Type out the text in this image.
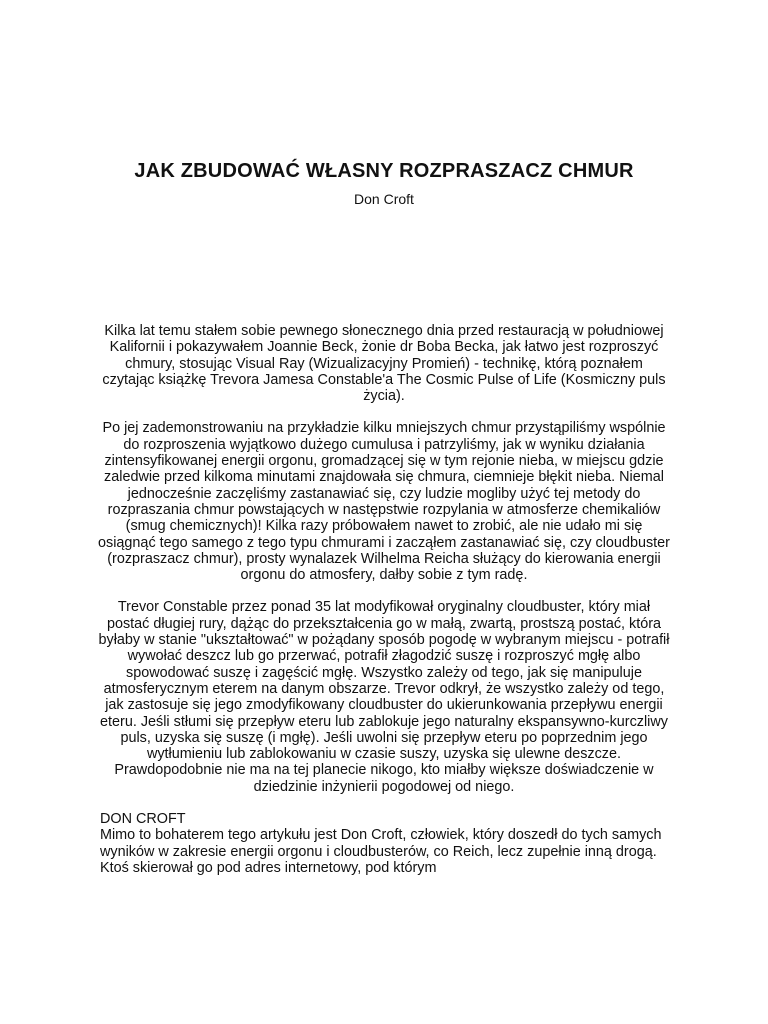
JAK ZBUDOWAĆ WŁASNY ROZPRASZACZ CHMUR

Don Croft

Kilka lat temu stałem sobie pewnego słonecznego dnia przed restauracją w południowej Kalifornii i pokazywałem Joannie Beck, żonie dr Boba Becka, jak łatwo jest rozproszyć chmury, stosując Visual Ray (Wizualizacyjny Promień) - technikę, którą poznałem czytając książkę Trevora Jamesa Constable'a The Cosmic Pulse of Life (Kosmiczny puls życia).

Po jej zademonstrowaniu na przykładzie kilku mniejszych chmur przystąpiliśmy wspólnie do rozproszenia wyjątkowo dużego cumulusa i patrzyliśmy, jak w wyniku działania zintensyfikowanej energii orgonu, gromadzącej się w tym rejonie nieba, w miejscu gdzie zaledwie przed kilkoma minutami znajdowała się chmura, ciemnieje błękit nieba. Niemal jednocześnie zaczęliśmy zastanawiać się, czy ludzie mogliby użyć tej metody do rozpraszania chmur powstających w następstwie rozpylania w atmosferze chemikaliów (smug chemicznych)! Kilka razy próbowałem nawet to zrobić, ale nie udało mi się osiągnąć tego samego z tego typu chmurami i zacząłem zastanawiać się, czy cloudbuster (rozpraszacz chmur), prosty wynalazek Wilhelma Reicha służący do kierowania energii orgonu do atmosfery, dałby sobie z tym radę.

Trevor Constable przez ponad 35 lat modyfikował oryginalny cloudbuster, który miał postać długiej rury, dążąc do przekształcenia go w małą, zwartą, prostszą postać, która byłaby w stanie "ukształtować" w pożądany sposób pogodę w wybranym miejscu - potrafił wywołać deszcz lub go przerwać, potrafił złagodzić suszę i rozproszyć mgłę albo spowodować suszę i zagęścić mgłę. Wszystko zależy od tego, jak się manipuluje atmosferycznym eterem na danym obszarze. Trevor odkrył, że wszystko zależy od tego, jak zastosuje się jego zmodyfikowany cloudbuster do ukierunkowania przepływu energii eteru. Jeśli stłumi się przepływ eteru lub zablokuje jego naturalny ekspansywno-kurczliwy puls, uzyska się suszę (i mgłę). Jeśli uwolni się przepływ eteru po poprzednim jego wytłumieniu lub zablokowaniu w czasie suszy, uzyska się ulewne deszcze. Prawdopodobnie nie ma na tej planecie nikogo, kto miałby większe doświadczenie w dziedzinie inżynierii pogodowej od niego.

DON CROFT

Mimo to bohaterem tego artykułu jest Don Croft, człowiek, który doszedł do tych samych wyników w zakresie energii orgonu i cloudbusterów, co Reich, lecz zupełnie inną drogą. Ktoś skierował go pod adres internetowy, pod którym
